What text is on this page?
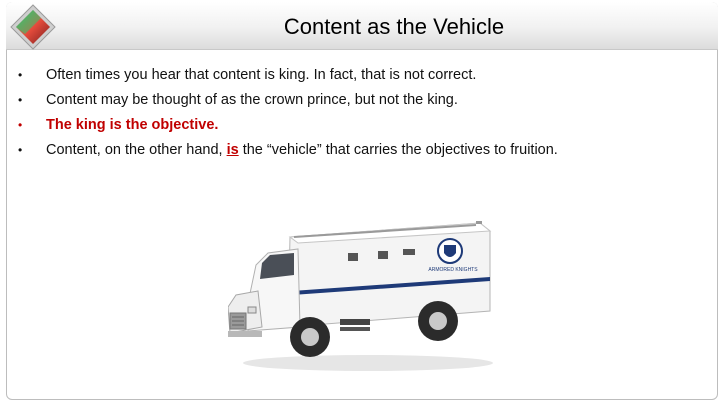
Content as the Vehicle
• Often times you hear that content is king. In fact, that is not correct.
• Content may be thought of as the crown prince, but not the king.
• The king is the objective.
• Content, on the other hand, is the “vehicle” that carries the objectives to fruition.
ARMORED KNIGHTS
